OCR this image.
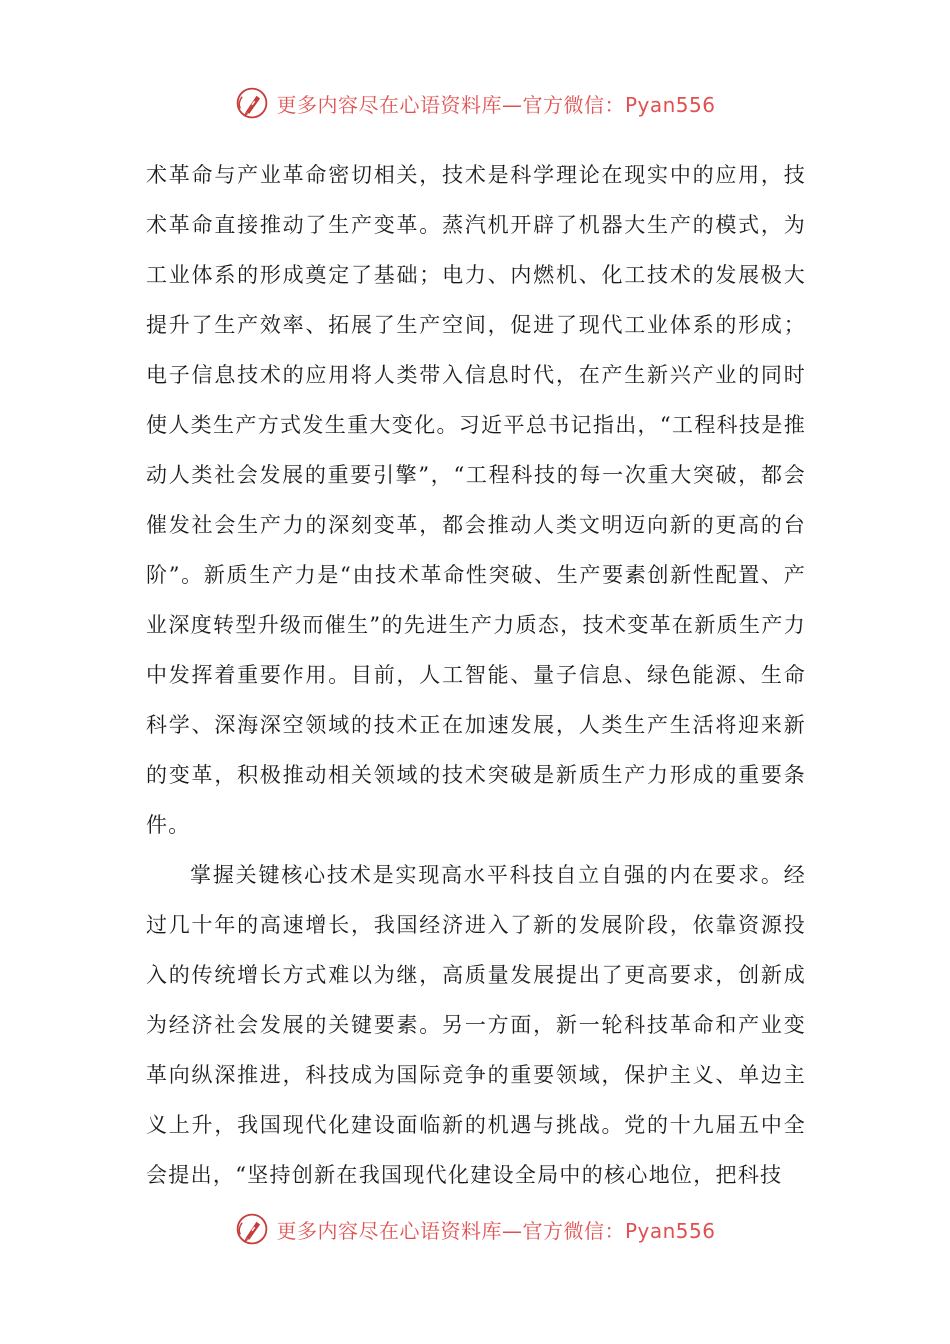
更多内容尽在心语资料库—官方微信：Pyan556

术革命与产业革命密切相关，技术是科学理论在现实中的应用，技术革命直接推动了生产变革。蒸汽机开辟了机器大生产的模式，为工业体系的形成奠定了基础；电力、内燃机、化工技术的发展极大提升了生产效率、拓展了生产空间，促进了现代工业体系的形成；电子信息技术的应用将人类带入信息时代，在产生新兴产业的同时使人类生产方式发生重大变化。习近平总书记指出，“工程科技是推动人类社会发展的重要引擎”，“工程科技的每一次重大突破，都会催发社会生产力的深刻变革，都会推动人类文明迈向新的更高的台阶”。新质生产力是“由技术革命性突破、生产要素创新性配置、产业深度转型升级而催生”的先进生产力质态，技术变革在新质生产力中发挥着重要作用。目前，人工智能、量子信息、绿色能源、生命科学、深海深空领域的技术正在加速发展，人类生产生活将迎来新的变革，积极推动相关领域的技术突破是新质生产力形成的重要条件。

掌握关键核心技术是实现高水平科技自立自强的内在要求。经过几十年的高速增长，我国经济进入了新的发展阶段，依靠资源投入的传统增长方式难以为继，高质量发展提出了更高要求，创新成为经济社会发展的关键要素。另一方面，新一轮科技革命和产业变革向纵深推进，科技成为国际竞争的重要领域，保护主义、单边主义上升，我国现代化建设面临新的机遇与挑战。党的十九届五中全会提出，“坚持创新在我国现代化建设全局中的核心地位，把科技

更多内容尽在心语资料库—官方微信：Pyan556
